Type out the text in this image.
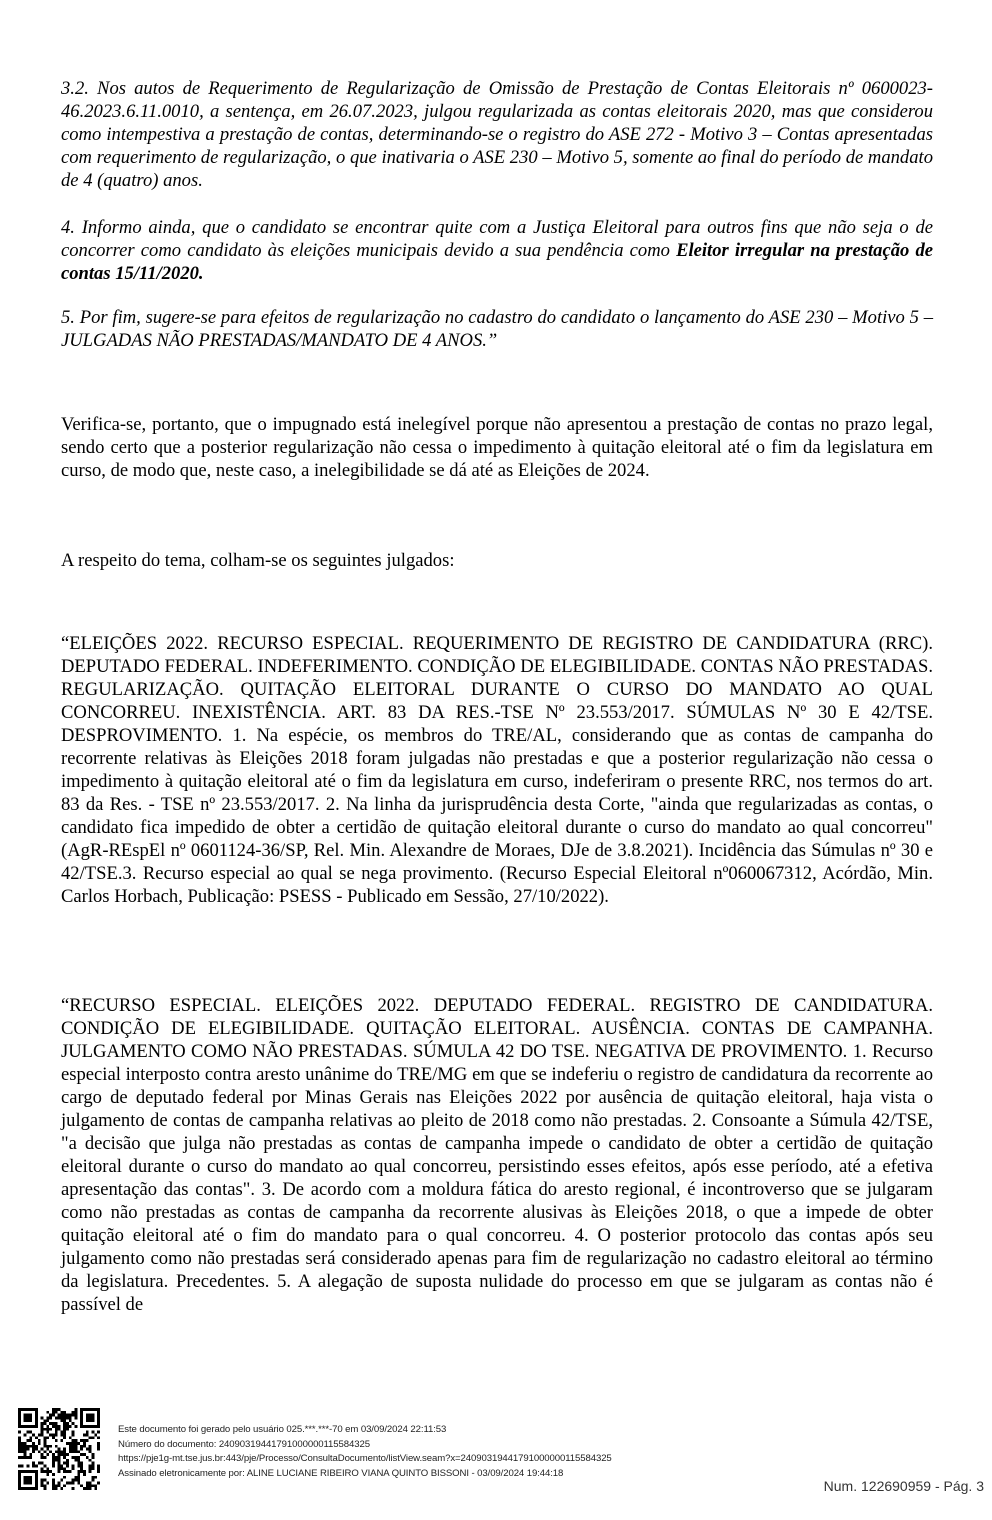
3.2. Nos autos de Requerimento de Regularização de Omissão de Prestação de Contas Eleitorais nº 0600023-46.2023.6.11.0010, a sentença, em 26.07.2023, julgou regularizada as contas eleitorais 2020, mas que considerou como intempestiva a prestação de contas, determinando-se o registro do ASE 272 - Motivo 3 – Contas apresentadas com requerimento de regularização, o que inativaria o ASE 230 – Motivo 5, somente ao final do período de mandato de 4 (quatro) anos.

4. Informo ainda, que o candidato se encontrar quite com a Justiça Eleitoral para outros fins que não seja o de concorrer como candidato às eleições municipais devido a sua pendência como Eleitor irregular na prestação de contas 15/11/2020.

5. Por fim, sugere-se para efeitos de regularização no cadastro do candidato o lançamento do ASE 230 – Motivo 5 – JULGADAS NÃO PRESTADAS/MANDATO DE 4 ANOS.”

Verifica-se, portanto, que o impugnado está inelegível porque não apresentou a prestação de contas no prazo legal, sendo certo que a posterior regularização não cessa o impedimento à quitação eleitoral até o fim da legislatura em curso, de modo que, neste caso, a inelegibilidade se dá até as Eleições de 2024.

A respeito do tema, colham-se os seguintes julgados:

“ELEIÇÕES 2022. RECURSO ESPECIAL. REQUERIMENTO DE REGISTRO DE CANDIDATURA (RRC). DEPUTADO FEDERAL. INDEFERIMENTO. CONDIÇÃO DE ELEGIBILIDADE. CONTAS NÃO PRESTADAS. REGULARIZAÇÃO. QUITAÇÃO ELEITORAL DURANTE O CURSO DO MANDATO AO QUAL CONCORREU. INEXISTÊNCIA. ART. 83 DA RES.-TSE Nº 23.553/2017. SÚMULAS Nº 30 E 42/TSE. DESPROVIMENTO. 1. Na espécie, os membros do TRE/AL, considerando que as contas de campanha do recorrente relativas às Eleições 2018 foram julgadas não prestadas e que a posterior regularização não cessa o impedimento à quitação eleitoral até o fim da legislatura em curso, indeferiram o presente RRC, nos termos do art. 83 da Res. - TSE nº 23.553/2017. 2. Na linha da jurisprudência desta Corte, "ainda que regularizadas as contas, o candidato fica impedido de obter a certidão de quitação eleitoral durante o curso do mandato ao qual concorreu" (AgR-REspEl nº 0601124-36/SP, Rel. Min. Alexandre de Moraes, DJe de 3.8.2021). Incidência das Súmulas nº 30 e 42/TSE.3. Recurso especial ao qual se nega provimento. (Recurso Especial Eleitoral nº060067312, Acórdão, Min. Carlos Horbach, Publicação: PSESS - Publicado em Sessão, 27/10/2022).

“RECURSO ESPECIAL. ELEIÇÕES 2022. DEPUTADO FEDERAL. REGISTRO DE CANDIDATURA. CONDIÇÃO DE ELEGIBILIDADE. QUITAÇÃO ELEITORAL. AUSÊNCIA. CONTAS DE CAMPANHA. JULGAMENTO COMO NÃO PRESTADAS. SÚMULA 42 DO TSE. NEGATIVA DE PROVIMENTO. 1. Recurso especial interposto contra aresto unânime do TRE/MG em que se indeferiu o registro de candidatura da recorrente ao cargo de deputado federal por Minas Gerais nas Eleições 2022 por ausência de quitação eleitoral, haja vista o julgamento de contas de campanha relativas ao pleito de 2018 como não prestadas. 2. Consoante a Súmula 42/TSE, "a decisão que julga não prestadas as contas de campanha impede o candidato de obter a certidão de quitação eleitoral durante o curso do mandato ao qual concorreu, persistindo esses efeitos, após esse período, até a efetiva apresentação das contas". 3. De acordo com a moldura fática do aresto regional, é incontroverso que se julgaram como não prestadas as contas de campanha da recorrente alusivas às Eleições 2018, o que a impede de obter quitação eleitoral até o fim do mandato para o qual concorreu. 4. O posterior protocolo das contas após seu julgamento como não prestadas será considerado apenas para fim de regularização no cadastro eleitoral ao término da legislatura. Precedentes. 5. A alegação de suposta nulidade do processo em que se julgaram as contas não é passível de

Este documento foi gerado pelo usuário 025.***.***-70 em 03/09/2024 22:11:53
Número do documento: 24090319441791000000115584325
https://pje1g-mt.tse.jus.br:443/pje/Processo/ConsultaDocumento/listView.seam?x=24090319441791000000115584325
Assinado eletronicamente por: ALINE LUCIANE RIBEIRO VIANA QUINTO BISSONI - 03/09/2024 19:44:18
Num. 122690959 - Pág. 3
